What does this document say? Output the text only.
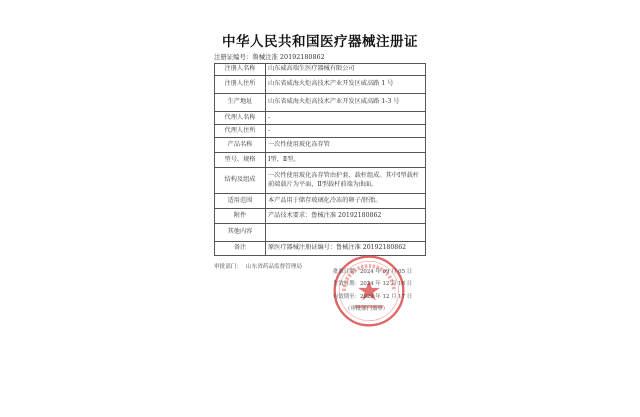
中华人民共和国医疗器械注册证
注册证编号：鲁械注准 20192180862
注册人名称	山东威高瑞生医疗器械有限公司
注册人住所	山东省威海火炬高技术产业开发区威高路 1 号
生产地址	山东省威海火炬高技术产业开发区威高路 1-3 号
代理人名称	-
代理人住所	-
产品名称	一次性使用玻化冻存管
型号、规格	Ⅰ型、Ⅱ型。
结构及组成	一次性使用玻化冻存管由护套、载杆组成。其中Ⅰ型载杆前端载片为平面，Ⅱ型载杆前端为曲面。
适用范围	本产品用于储存玻璃化冷冻的卵子/胚胎。
附件	产品技术要求：鲁械注准 20192180862
其他内容	
备注	原医疗器械注册证编号：鲁械注准 20192180862
审批部门： 山东省药品监督管理局
批准日期：2024 年 09 月 05 日
生效日期：2024 年 12 月 18 日
有效期至：2029 年 12 月 17 日
（审批部门盖章）
